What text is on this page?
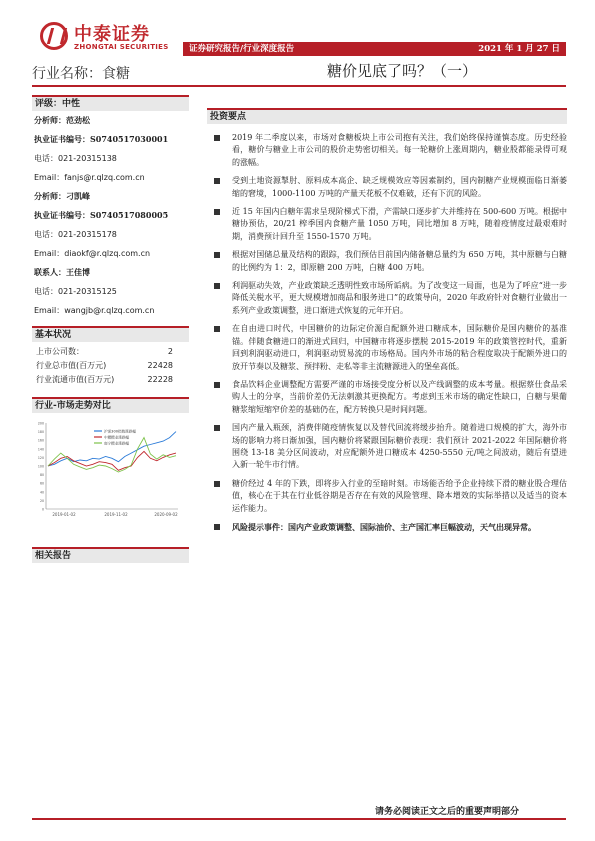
中泰证券
ZHONGTAI SECURITIES 证券研究报告/行业深度报告	2021 年 1 月 27 日
行业名称：食糖	糖价见底了吗？（一）
评级：中性
分析师：范劲松
执业证书编号：S0740517030001
电话：021-20315138
Email：fanjs@r.qlzq.com.cn
分析师：刁凯峰
执业证书编号：S0740517080005
电话：021-20315178
Email：diaokf@r.qlzq.com.cn
联系人：王佳博
电话：021-20315125
Email：wangjb@r.qlzq.com.cn
基本状况
上市公司数：	2
行业总市值(百万元)	22428
行业流通市值(百万元)	22228
行业-市场走势对比
0
20
40
60
80
100
120
140
160
180
200
2019-01-02	2019-11-02	2020-09-02
沪深300指数涨跌幅
中糖糖业涨跌幅
南宁糖业涨跌幅
相关报告
投资要点
2019 年二季度以来，市场对食糖板块上市公司抱有关注，我们始终保持谨慎态度。历史经验看，糖价与糖业上市公司的股价走势密切相关。每一轮糖价上涨周期内，糖业股都能录得可观的涨幅。
受到土地资源掣肘、原料成本高企、缺乏规模效应等因素制约，国内制糖产业规模面临日渐萎缩的窘境，1000-1100 万吨的产量天花板不仅难破，还有下沉的风险。
近 15 年国内白糖年需求呈现阶梯式下滑，产需缺口逐步扩大并维持在 500-600 万吨。根据中糖协预估，20/21 榨季国内食糖产量 1050 万吨，同比增加 8 万吨，随着疫情度过最艰难时期，消费预计回升至 1550-1570 万吨。
根据对国储总量及结构的跟踪，我们预估目前国内储备糖总量约为 650 万吨，其中原糖与白糖的比例约为 1：2，即原糖 200 万吨，白糖 400 万吨。
利润驱动失效，产业政策缺乏透明性致市场所诟病。为了改变这一局面，也是为了呼应“进一步降低关税水平，更大规模增加商品和服务进口”的政策导向，2020 年政府针对食糖行业做出一系列产业政策调整，进口渐进式恢复的元年开启。
在自由进口时代，中国糖价的边际定价源自配额外进口糖成本，国际糖价是国内糖价的基准锚。伴随食糖进口的渐进式回归，中国糖市将逐步摆脱 2015-2019 年的政策管控时代，重新回到利润驱动进口，利润驱动贸易流的市场格局。国内外市场的粘合程度取决于配额外进口的放开节奏以及糖浆、预拌粉、走私等非主流糖源进入的堡垒高低。
食品饮料企业调整配方需要严谨的市场接受度分析以及产线调整的成本考量。根据蔡仕食品采购人士的分享，当前价差仍无法刺激其更换配方。考虑到玉米市场的确定性缺口，白糖与果葡糖浆缩短缩窄价差的基础仍在，配方转换只是时间问题。
国内产量入瓶颈，消费伴随疫情恢复以及替代回流将缓步抬升。随着进口规模的扩大，海外市场的影响力将日渐加强，国内糖价将紧跟国际糖价表现：我们预计 2021-2022 年国际糖价将围绕 13-18 美分区间波动，对应配额外进口糖成本 4250-5550 元/吨之间波动，随后有望进入新一轮牛市行情。
糖价经过 4 年的下跌，即将步入行业的至暗时刻。市场能否给予企业持续下滑的糖业股合理估值，核心在于其在行业低谷期是否存在有效的风险管理、降本增效的实际举措以及适当的资本运作能力。
风险提示事件：国内产业政策调整、国际油价、主产国汇率巨幅波动，天气出现异常。
请务必阅读正文之后的重要声明部分
